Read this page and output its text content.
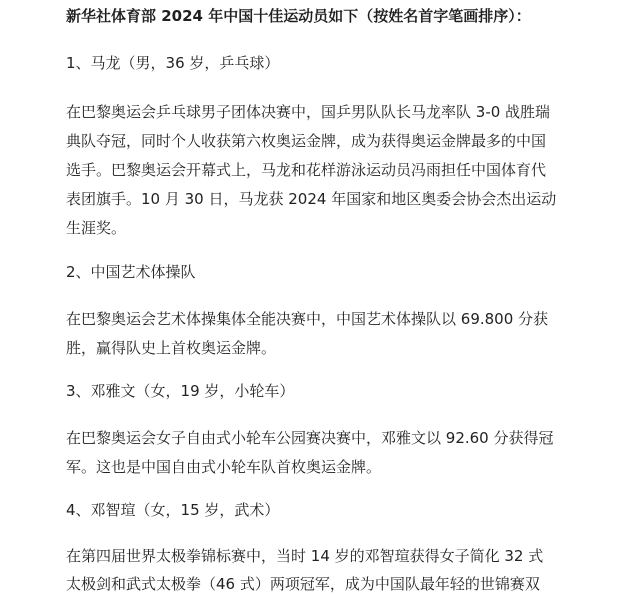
新华社体育部 2024 年中国十佳运动员如下（按姓名首字笔画排序）：
1、马龙（男，36 岁，乒乓球）
在巴黎奥运会乒乓球男子团体决赛中，国乒男队队长马龙率队 3-0 战胜瑞
典队夺冠，同时个人收获第六枚奥运金牌，成为获得奥运金牌最多的中国
选手。巴黎奥运会开幕式上，马龙和花样游泳运动员冯雨担任中国体育代
表团旗手。10 月 30 日，马龙获 2024 年国家和地区奥委会协会杰出运动
生涯奖。
2、中国艺术体操队
在巴黎奥运会艺术体操集体全能决赛中，中国艺术体操队以 69.800 分获
胜，赢得队史上首枚奥运金牌。
3、邓雅文（女，19 岁，小轮车）
在巴黎奥运会女子自由式小轮车公园赛决赛中，邓雅文以 92.60 分获得冠
军。这也是中国自由式小轮车队首枚奥运金牌。
4、邓智瑄（女，15 岁，武术）
在第四届世界太极拳锦标赛中，当时 14 岁的邓智瑄获得女子简化 32 式
太极剑和武式太极拳（46 式）两项冠军，成为中国队最年轻的世锦赛双
